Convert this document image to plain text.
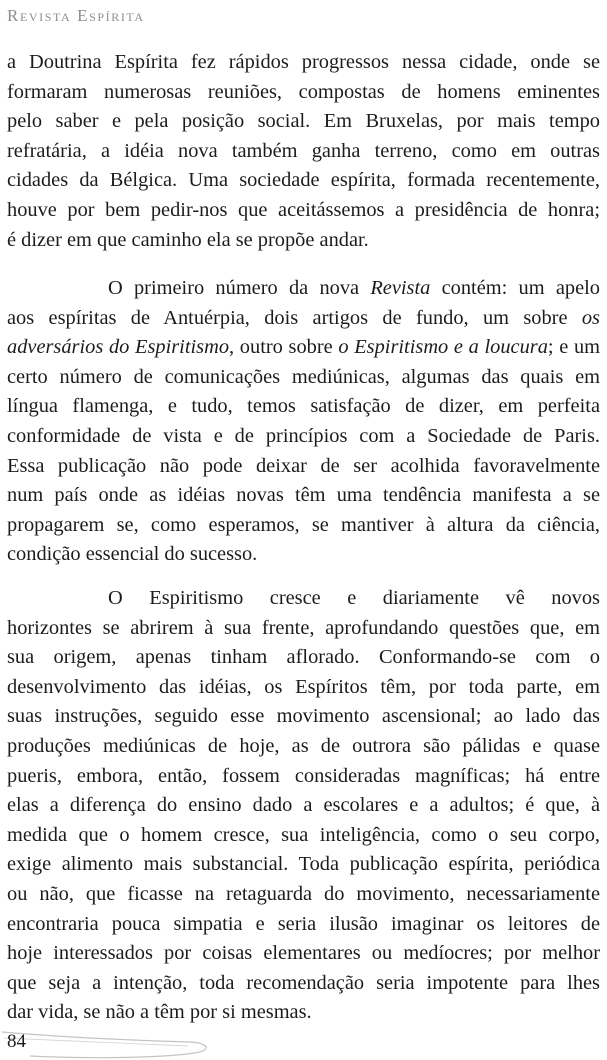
Revista Espírita
a Doutrina Espírita fez rápidos progressos nessa cidade, onde se
formaram numerosas reuniões, compostas de homens eminentes
pelo saber e pela posição social. Em Bruxelas, por mais tempo
refratária, a idéia nova também ganha terreno, como em outras
cidades da Bélgica. Uma sociedade espírita, formada recentemente,
houve por bem pedir-nos que aceitássemos a presidência de honra;
é dizer em que caminho ela se propõe andar.
O primeiro número da nova Revista contém: um apelo
aos espíritas de Antuérpia, dois artigos de fundo, um sobre os
adversários do Espiritismo, outro sobre o Espiritismo e a loucura; e um
certo número de comunicações mediúnicas, algumas das quais em
língua flamenga, e tudo, temos satisfação de dizer, em perfeita
conformidade de vista e de princípios com a Sociedade de Paris.
Essa publicação não pode deixar de ser acolhida favoravelmente
num país onde as idéias novas têm uma tendência manifesta a se
propagarem se, como esperamos, se mantiver à altura da ciência,
condição essencial do sucesso.
O Espiritismo cresce e diariamente vê novos
horizontes se abrirem à sua frente, aprofundando questões que, em
sua origem, apenas tinham aflorado. Conformando-se com o
desenvolvimento das idéias, os Espíritos têm, por toda parte, em
suas instruções, seguido esse movimento ascensional; ao lado das
produções mediúnicas de hoje, as de outrora são pálidas e quase
pueris, embora, então, fossem consideradas magníficas; há entre
elas a diferença do ensino dado a escolares e a adultos; é que, à
medida que o homem cresce, sua inteligência, como o seu corpo,
exige alimento mais substancial. Toda publicação espírita, periódica
ou não, que ficasse na retaguarda do movimento, necessariamente
encontraria pouca simpatia e seria ilusão imaginar os leitores de
hoje interessados por coisas elementares ou medíocres; por melhor
que seja a intenção, toda recomendação seria impotente para lhes
dar vida, se não a têm por si mesmas.
84
